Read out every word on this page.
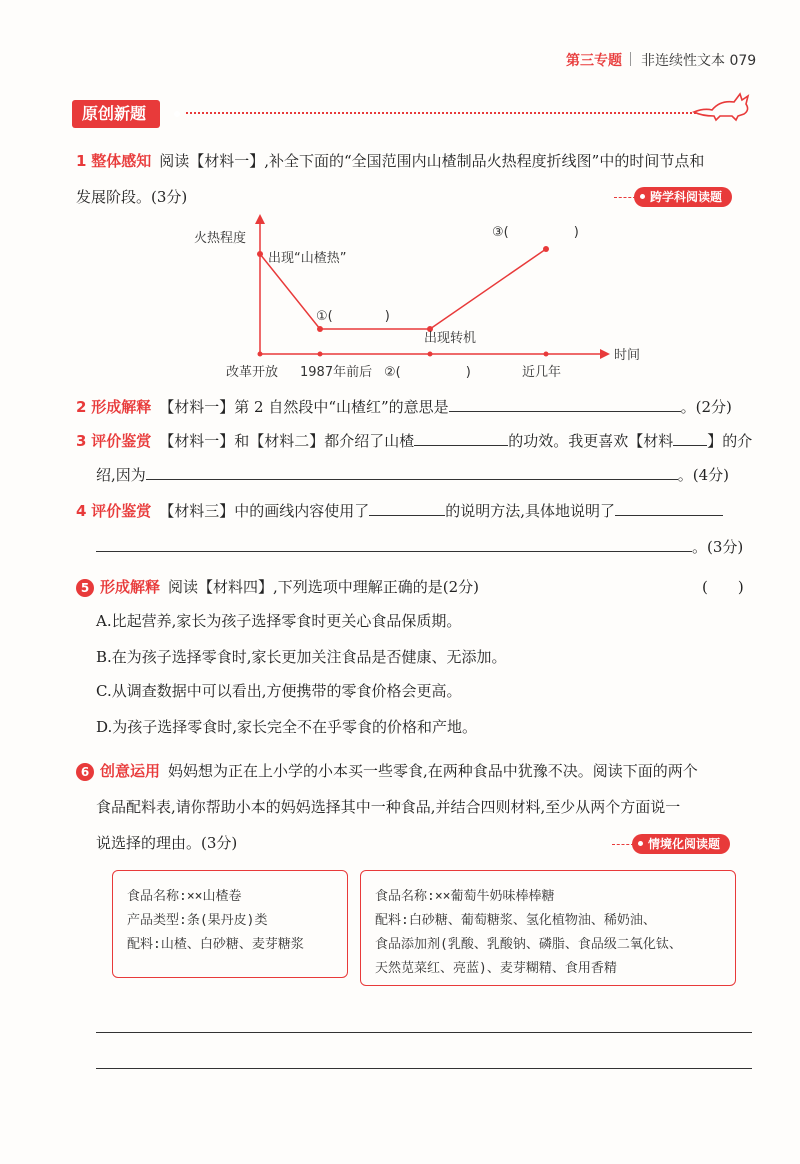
第三专题 非连续性文本 079
原创新题
1 整体感知 阅读【材料一】,补全下面的“全国范围内山楂制品火热程度折线图”中的时间节点和
发展阶段。(3分)	跨学科阅读题
火热程度
时间
出现“山楂热”
①(　　　　)
出现转机
③(　　　　　)
改革开放 1987年前后 ②(　　　　　)	近几年
2 形成解释 【材料一】第 2 自然段中“山楂红”的意思是	。(2分)
3 评价鉴赏 【材料一】和【材料二】都介绍了山楂	的功效。我更喜欢【材料 】的介
绍,因为	。(4分)
4 评价鉴赏 【材料三】中的画线内容使用了	的说明方法,具体地说明了
。(3分)
5 形成解释 阅读【材料四】,下列选项中理解正确的是(2分)	(　　)
A.比起营养,家长为孩子选择零食时更关心食品保质期。
B.在为孩子选择零食时,家长更加关注食品是否健康、无添加。
C.从调查数据中可以看出,方便携带的零食价格会更高。
D.为孩子选择零食时,家长完全不在乎零食的价格和产地。
6 创意运用 妈妈想为正在上小学的小本买一些零食,在两种食品中犹豫不决。阅读下面的两个
食品配料表,请你帮助小本的妈妈选择其中一种食品,并结合四则材料,至少从两个方面说一
说选择的理由。(3分)	情境化阅读题
食品名称:××山楂卷
产品类型:条(果丹皮)类
配料:山楂、白砂糖、麦芽糖浆
食品名称:××葡萄牛奶味棒棒糖
配料:白砂糖、葡萄糖浆、氢化植物油、稀奶油、
食品添加剂(乳酸、乳酸钠、磷脂、食品级二氧化钛、
天然苋菜红、亮蓝)、麦芽糊精、食用香精
